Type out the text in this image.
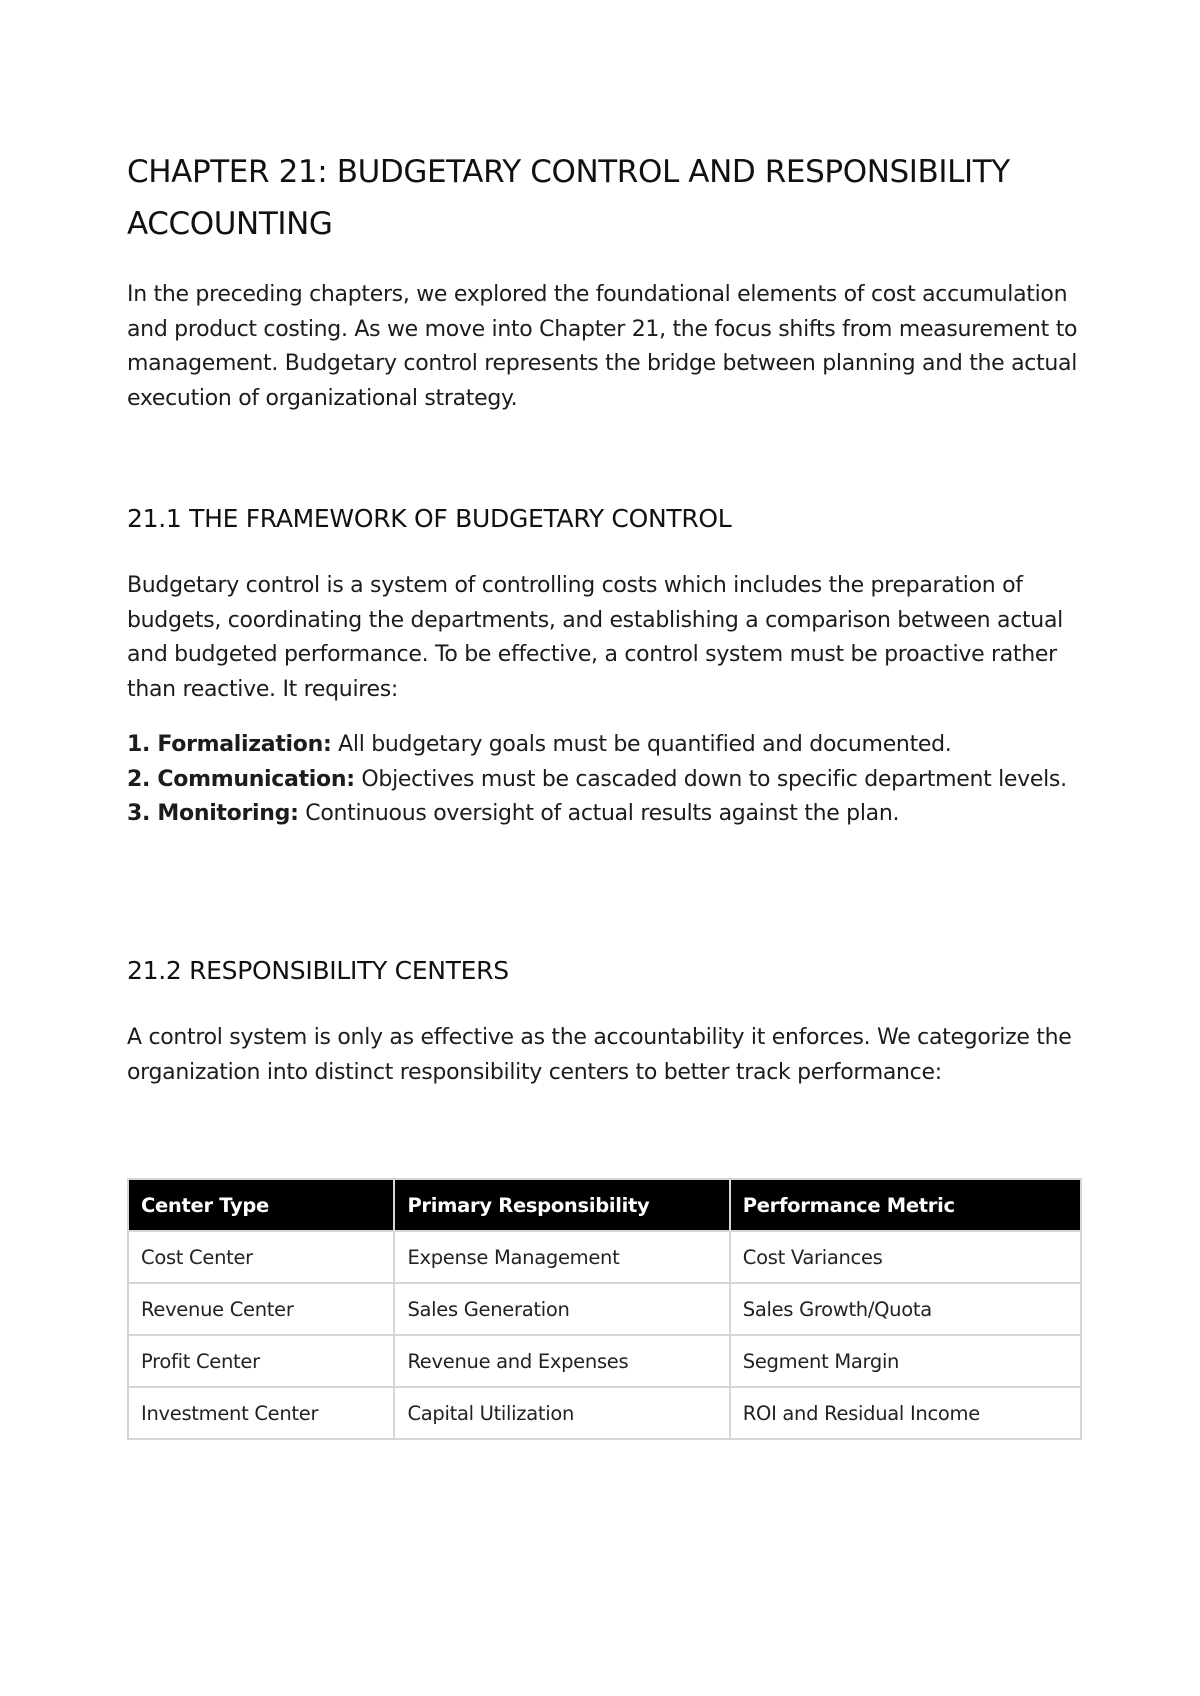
CHAPTER 21: BUDGETARY CONTROL AND RESPONSIBILITY ACCOUNTING

In the preceding chapters, we explored the foundational elements of cost accumulation and product costing. As we move into Chapter 21, the focus shifts from measurement to management. Budgetary control represents the bridge between planning and the actual execution of organizational strategy.

21.1 THE FRAMEWORK OF BUDGETARY CONTROL

Budgetary control is a system of controlling costs which includes the preparation of budgets, coordinating the departments, and establishing a comparison between actual and budgeted performance. To be effective, a control system must be proactive rather than reactive. It requires:

1. Formalization: All budgetary goals must be quantified and documented.
2. Communication: Objectives must be cascaded down to specific department levels.
3. Monitoring: Continuous oversight of actual results against the plan.
21.2 RESPONSIBILITY CENTERS

A control system is only as effective as the accountability it enforces. We categorize the organization into distinct responsibility centers to better track performance:

Center Type	Primary Responsibility	Performance Metric
Cost Center	Expense Management	Cost Variances
Revenue Center	Sales Generation	Sales Growth/Quota
Profit Center	Revenue and Expenses	Segment Margin
Investment Center	Capital Utilization	ROI and Residual Income
